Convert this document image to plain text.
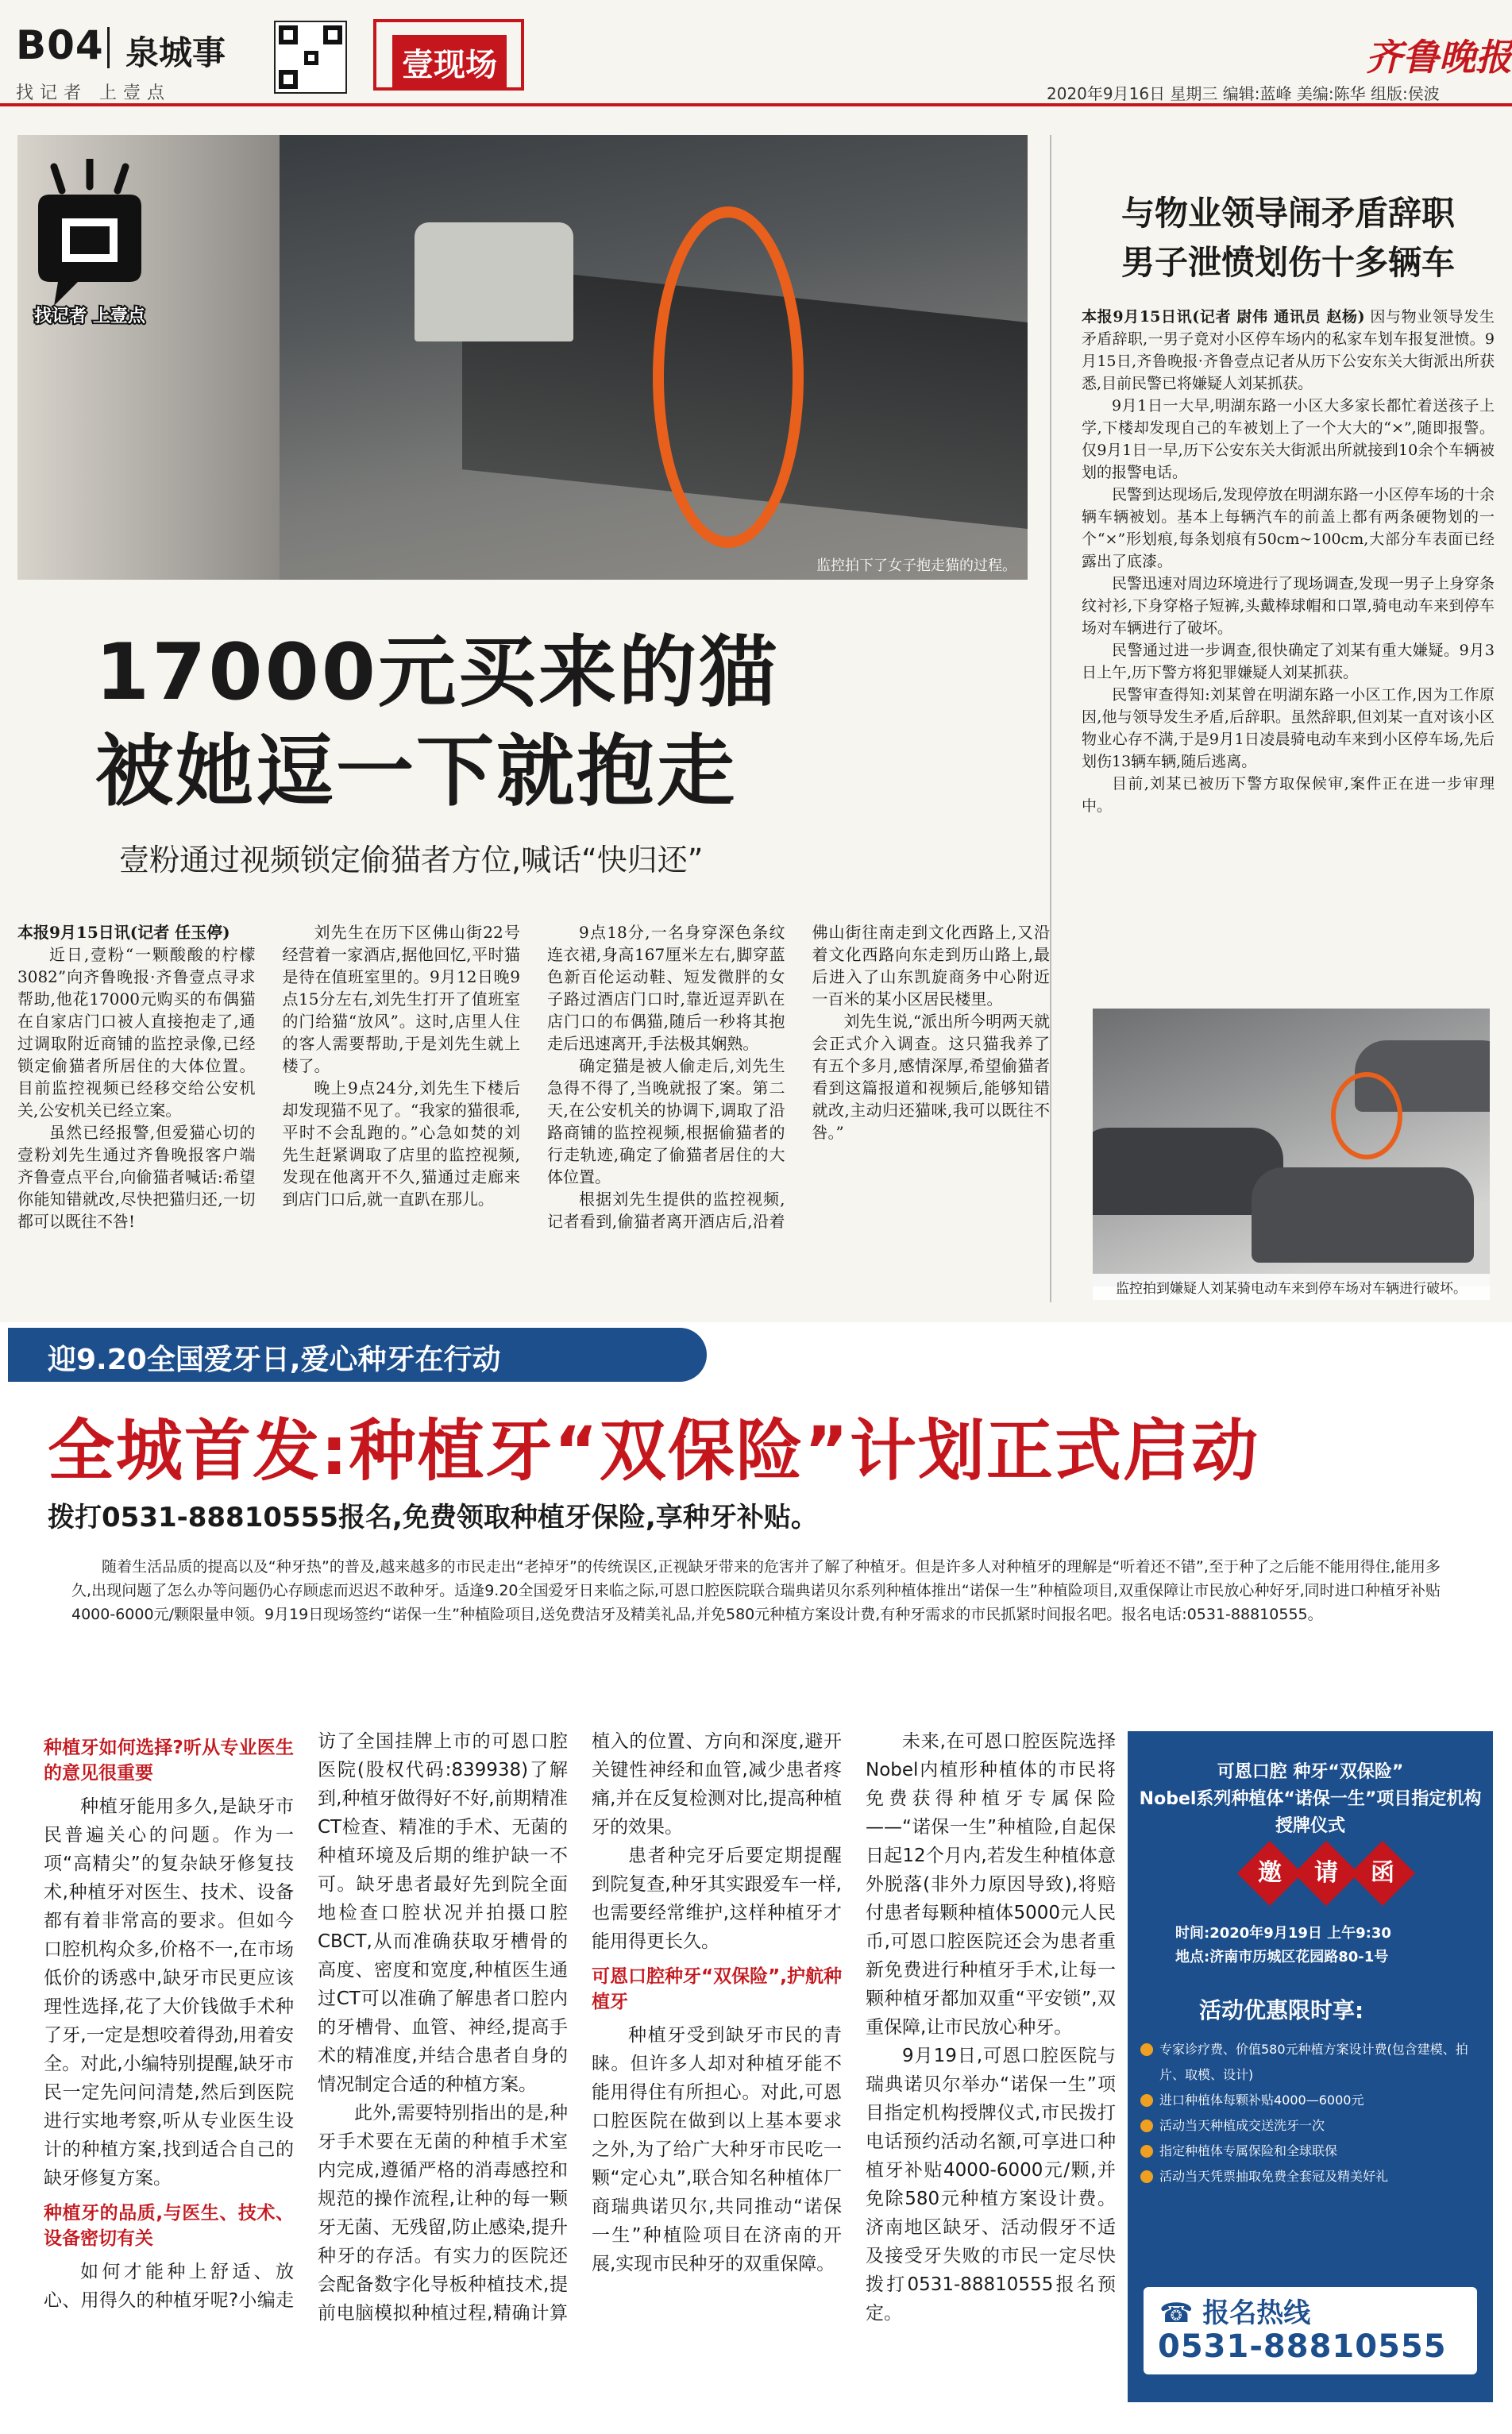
B04 泉城事	壹现场
找记者 上壹点
齐鲁晚报
2020年9月16日 星期三 编辑:蓝峰 美编:陈华 组版:侯波
监控拍下了女子抱走猫的过程。
找记者 上壹点
与物业领导闹矛盾辞职
男子泄愤划伤十多辆车

本报9月15日讯(记者 尉伟 通讯员 赵杨) 因与物业领导发生矛盾辞职,一男子竟对小区停车场内的私家车划车报复泄愤。9月15日,齐鲁晚报·齐鲁壹点记者从历下公安东关大街派出所获悉,目前民警已将嫌疑人刘某抓获。

9月1日一大早,明湖东路一小区大多家长都忙着送孩子上学,下楼却发现自己的车被划上了一个大大的“×”,随即报警。仅9月1日一早,历下公安东关大街派出所就接到10余个车辆被划的报警电话。

民警到达现场后,发现停放在明湖东路一小区停车场的十余辆车辆被划。基本上每辆汽车的前盖上都有两条硬物划的一个“×”形划痕,每条划痕有50cm~100cm,大部分车表面已经露出了底漆。

民警迅速对周边环境进行了现场调查,发现一男子上身穿条纹衬衫,下身穿格子短裤,头戴棒球帽和口罩,骑电动车来到停车场对车辆进行了破坏。

民警通过进一步调查,很快确定了刘某有重大嫌疑。9月3日上午,历下警方将犯罪嫌疑人刘某抓获。

民警审查得知:刘某曾在明湖东路一小区工作,因为工作原因,他与领导发生矛盾,后辞职。虽然辞职,但刘某一直对该小区物业心存不满,于是9月1日凌晨骑电动车来到小区停车场,先后划伤13辆车辆,随后逃离。

目前,刘某已被历下警方取保候审,案件正在进一步审理中。

监控拍到嫌疑人刘某骑电动车来到停车场对车辆进行破坏。
17000元买来的猫
被她逗一下就抱走
壹粉通过视频锁定偷猫者方位,喊话“快归还”

本报9月15日讯(记者 任玉停)

近日,壹粉“一颗酸酸的柠檬3082”向齐鲁晚报·齐鲁壹点寻求帮助,他花17000元购买的布偶猫在自家店门口被人直接抱走了,通过调取附近商铺的监控录像,已经锁定偷猫者所居住的大体位置。目前监控视频已经移交给公安机关,公安机关已经立案。

虽然已经报警,但爱猫心切的壹粉刘先生通过齐鲁晚报客户端齐鲁壹点平台,向偷猫者喊话:希望你能知错就改,尽快把猫归还,一切都可以既往不咎!

刘先生在历下区佛山街22号经营着一家酒店,据他回忆,平时猫是待在值班室里的。9月12日晚9点15分左右,刘先生打开了值班室的门给猫“放风”。这时,店里人住的客人需要帮助,于是刘先生就上楼了。

晚上9点24分,刘先生下楼后却发现猫不见了。“我家的猫很乖,平时不会乱跑的。”心急如焚的刘先生赶紧调取了店里的监控视频,发现在他离开不久,猫通过走廊来到店门口后,就一直趴在那儿。

9点18分,一名身穿深色条纹连衣裙,身高167厘米左右,脚穿蓝色新百伦运动鞋、短发微胖的女子路过酒店门口时,靠近逗弄趴在店门口的布偶猫,随后一秒将其抱走后迅速离开,手法极其娴熟。

确定猫是被人偷走后,刘先生急得不得了,当晚就报了案。第二天,在公安机关的协调下,调取了沿路商铺的监控视频,根据偷猫者的行走轨迹,确定了偷猫者居住的大体位置。

根据刘先生提供的监控视频,记者看到,偷猫者离开酒店后,沿着佛山街往南走到文化西路上,又沿着文化西路向东走到历山路上,最后进入了山东凯旋商务中心附近一百米的某小区居民楼里。

刘先生说,“派出所今明两天就会正式介入调查。这只猫我养了有五个多月,感情深厚,希望偷猫者看到这篇报道和视频后,能够知错就改,主动归还猫咪,我可以既往不咎。”

迎9.20全国爱牙日,爱心种牙在行动
全城首发:种植牙“双保险”计划正式启动
拨打0531-88810555报名,免费领取种植牙保险,享种牙补贴。
随着生活品质的提高以及“种牙热”的普及,越来越多的市民走出“老掉牙”的传统误区,正视缺牙带来的危害并了解了种植牙。但是许多人对种植牙的理解是“听着还不错”,至于种了之后能不能用得住,能用多久,出现问题了怎么办等问题仍心存顾虑而迟迟不敢种牙。适逢9.20全国爱牙日来临之际,可恩口腔医院联合瑞典诺贝尔系列种植体推出“诺保一生”种植险项目,双重保障让市民放心种好牙,同时进口种植牙补贴4000-6000元/颗限量申领。9月19日现场签约“诺保一生”种植险项目,送免费洁牙及精美礼品,并免580元种植方案设计费,有种牙需求的市民抓紧时间报名吧。报名电话:0531-88810555。
种植牙如何选择?听从专业医生的意见很重要

种植牙能用多久,是缺牙市民普遍关心的问题。作为一项“高精尖”的复杂缺牙修复技术,种植牙对医生、技术、设备都有着非常高的要求。但如今口腔机构众多,价格不一,在市场低价的诱惑中,缺牙市民更应该理性选择,花了大价钱做手术种了牙,一定是想咬着得劲,用着安全。对此,小编特别提醒,缺牙市民一定先问问清楚,然后到医院进行实地考察,听从专业医生设计的种植方案,找到适合自己的缺牙修复方案。

种植牙的品质,与医生、技术、设备密切有关

如何才能种上舒适、放心、用得久的种植牙呢?小编走访了全国挂牌上市的可恩口腔医院(股权代码:839938)了解到,种植牙做得好不好,前期精准CT检查、精准的手术、无菌的种植环境及后期的维护缺一不可。缺牙患者最好先到院全面地检查口腔状况并拍摄口腔CBCT,从而准确获取牙槽骨的高度、密度和宽度,种植医生通过CT可以准确了解患者口腔内的牙槽骨、血管、神经,提高手术的精准度,并结合患者自身的情况制定合适的种植方案。

此外,需要特别指出的是,种牙手术要在无菌的种植手术室内完成,遵循严格的消毒感控和规范的操作流程,让种的每一颗牙无菌、无残留,防止感染,提升种牙的存活。有实力的医院还会配备数字化导板种植技术,提前电脑模拟种植过程,精确计算植入的位置、方向和深度,避开关键性神经和血管,减少患者疼痛,并在反复检测对比,提高种植牙的效果。

患者种完牙后要定期提醒到院复查,种牙其实跟爱车一样,也需要经常维护,这样种植牙才能用得更长久。

可恩口腔种牙“双保险”,护航种植牙

种植牙受到缺牙市民的青睐。但许多人却对种植牙能不能用得住有所担心。对此,可恩口腔医院在做到以上基本要求之外,为了给广大种牙市民吃一颗“定心丸”,联合知名种植体厂商瑞典诺贝尔,共同推动“诺保一生”种植险项目在济南的开展,实现市民种牙的双重保障。

未来,在可恩口腔医院选择Nobel内植形种植体的市民将免费获得种植牙专属保险——“诺保一生”种植险,自起保日起12个月内,若发生种植体意外脱落(非外力原因导致),将赔付患者每颗种植体5000元人民币,可恩口腔医院还会为患者重新免费进行种植牙手术,让每一颗种植牙都加双重“平安锁”,双重保障,让市民放心种牙。

9月19日,可恩口腔医院与瑞典诺贝尔举办“诺保一生”项目指定机构授牌仪式,市民拨打电话预约活动名额,可享进口种植牙补贴4000-6000元/颗,并免除580元种植方案设计费。济南地区缺牙、活动假牙不适及接受牙失败的市民一定尽快拨打0531-88810555报名预定。

可恩口腔 种牙“双保险”
Nobel系列种植体“诺保一生”项目指定机构
授牌仪式
邀	请	函
时间:2020年9月19日 上午9:30
地点:济南市历城区花园路80-1号
活动优惠限时享:
专家诊疗费、价值580元种植方案设计费(包含建模、拍片、取模、设计)
进口种植体每颗补贴4000—6000元
活动当天种植成交送洗牙一次
指定种植体专属保险和全球联保
活动当天凭票抽取免费全套冠及精美好礼
☎ 报名热线
0531-88810555
